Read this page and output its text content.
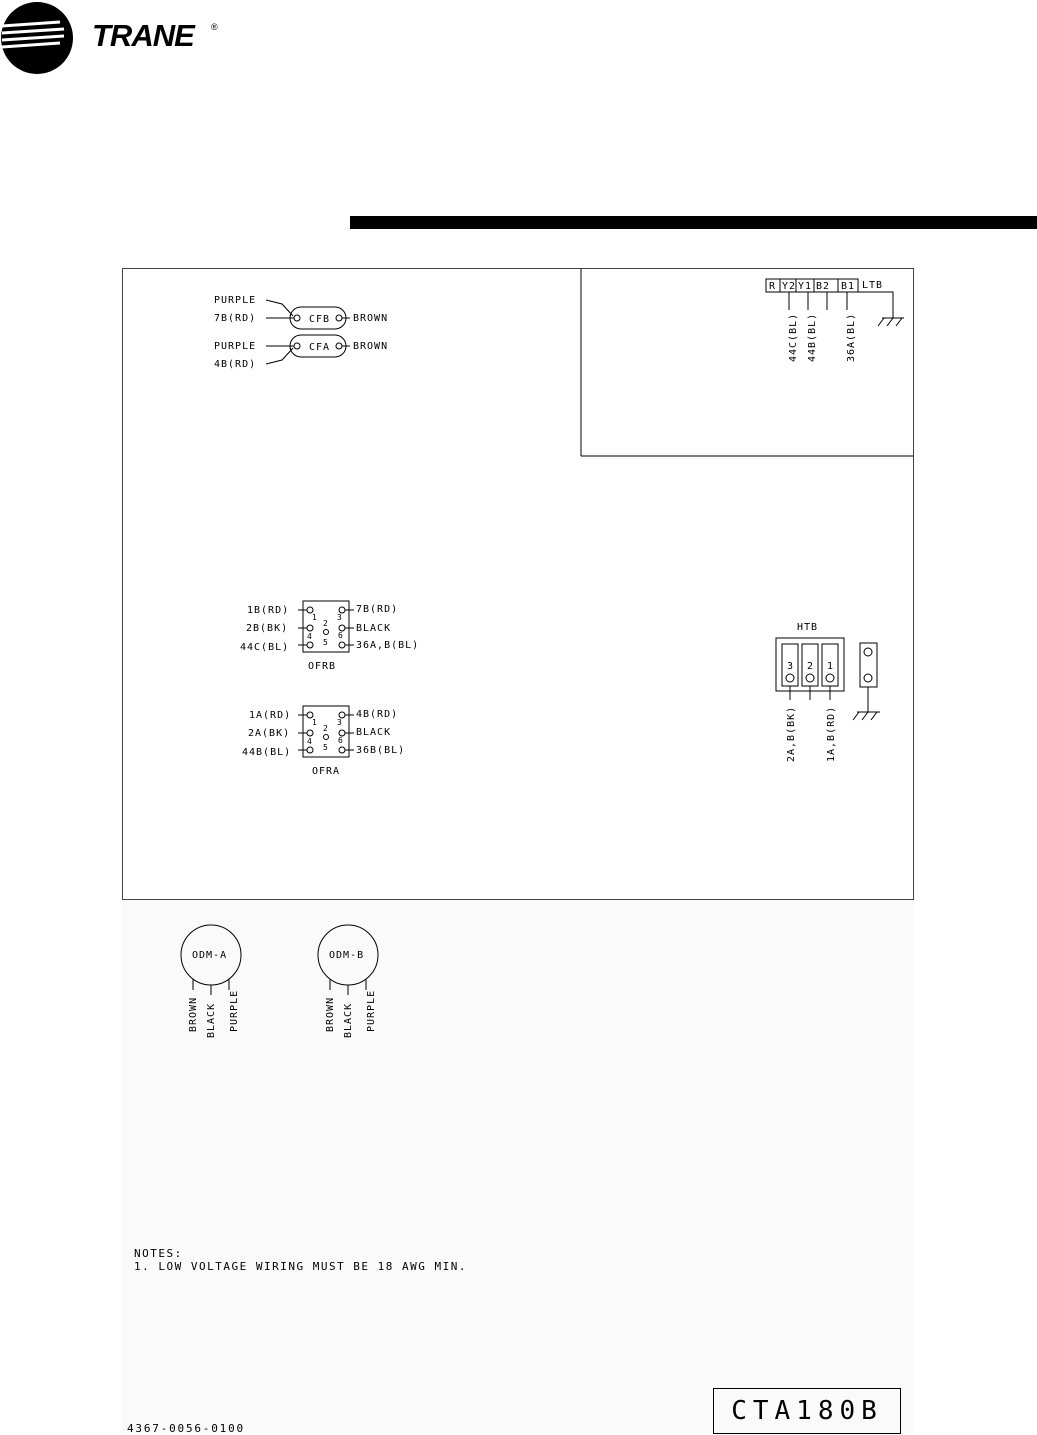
TRANE ®
CFB
PURPLE
7B(RD)	BROWN
CFA
PURPLE
4B(RD)
BROWN
R Y2 Y1 B2 B1 LTB
44C(BL) 44B(BL)	36A(BL)
1
2
3
4
5
6
1B(RD)
2B(BK)
44C(BL)
7B(RD)
BLACK
36A,B(BL)
OFRB
1
2
3
4
5
6
1A(RD)
2A(BK)
44B(BL)
4B(RD)
BLACK
36B(BL)
OFRA
HTB
3 2 1
2A,B(BK)	1A,B(RD)
ODM-A
BROWN BLACK PURPLE
ODM-B
BROWN BLACK PURPLE
NOTES:
1. LOW VOLTAGE WIRING MUST BE 18 AWG MIN.
4367-0056-0100
CTA180B
